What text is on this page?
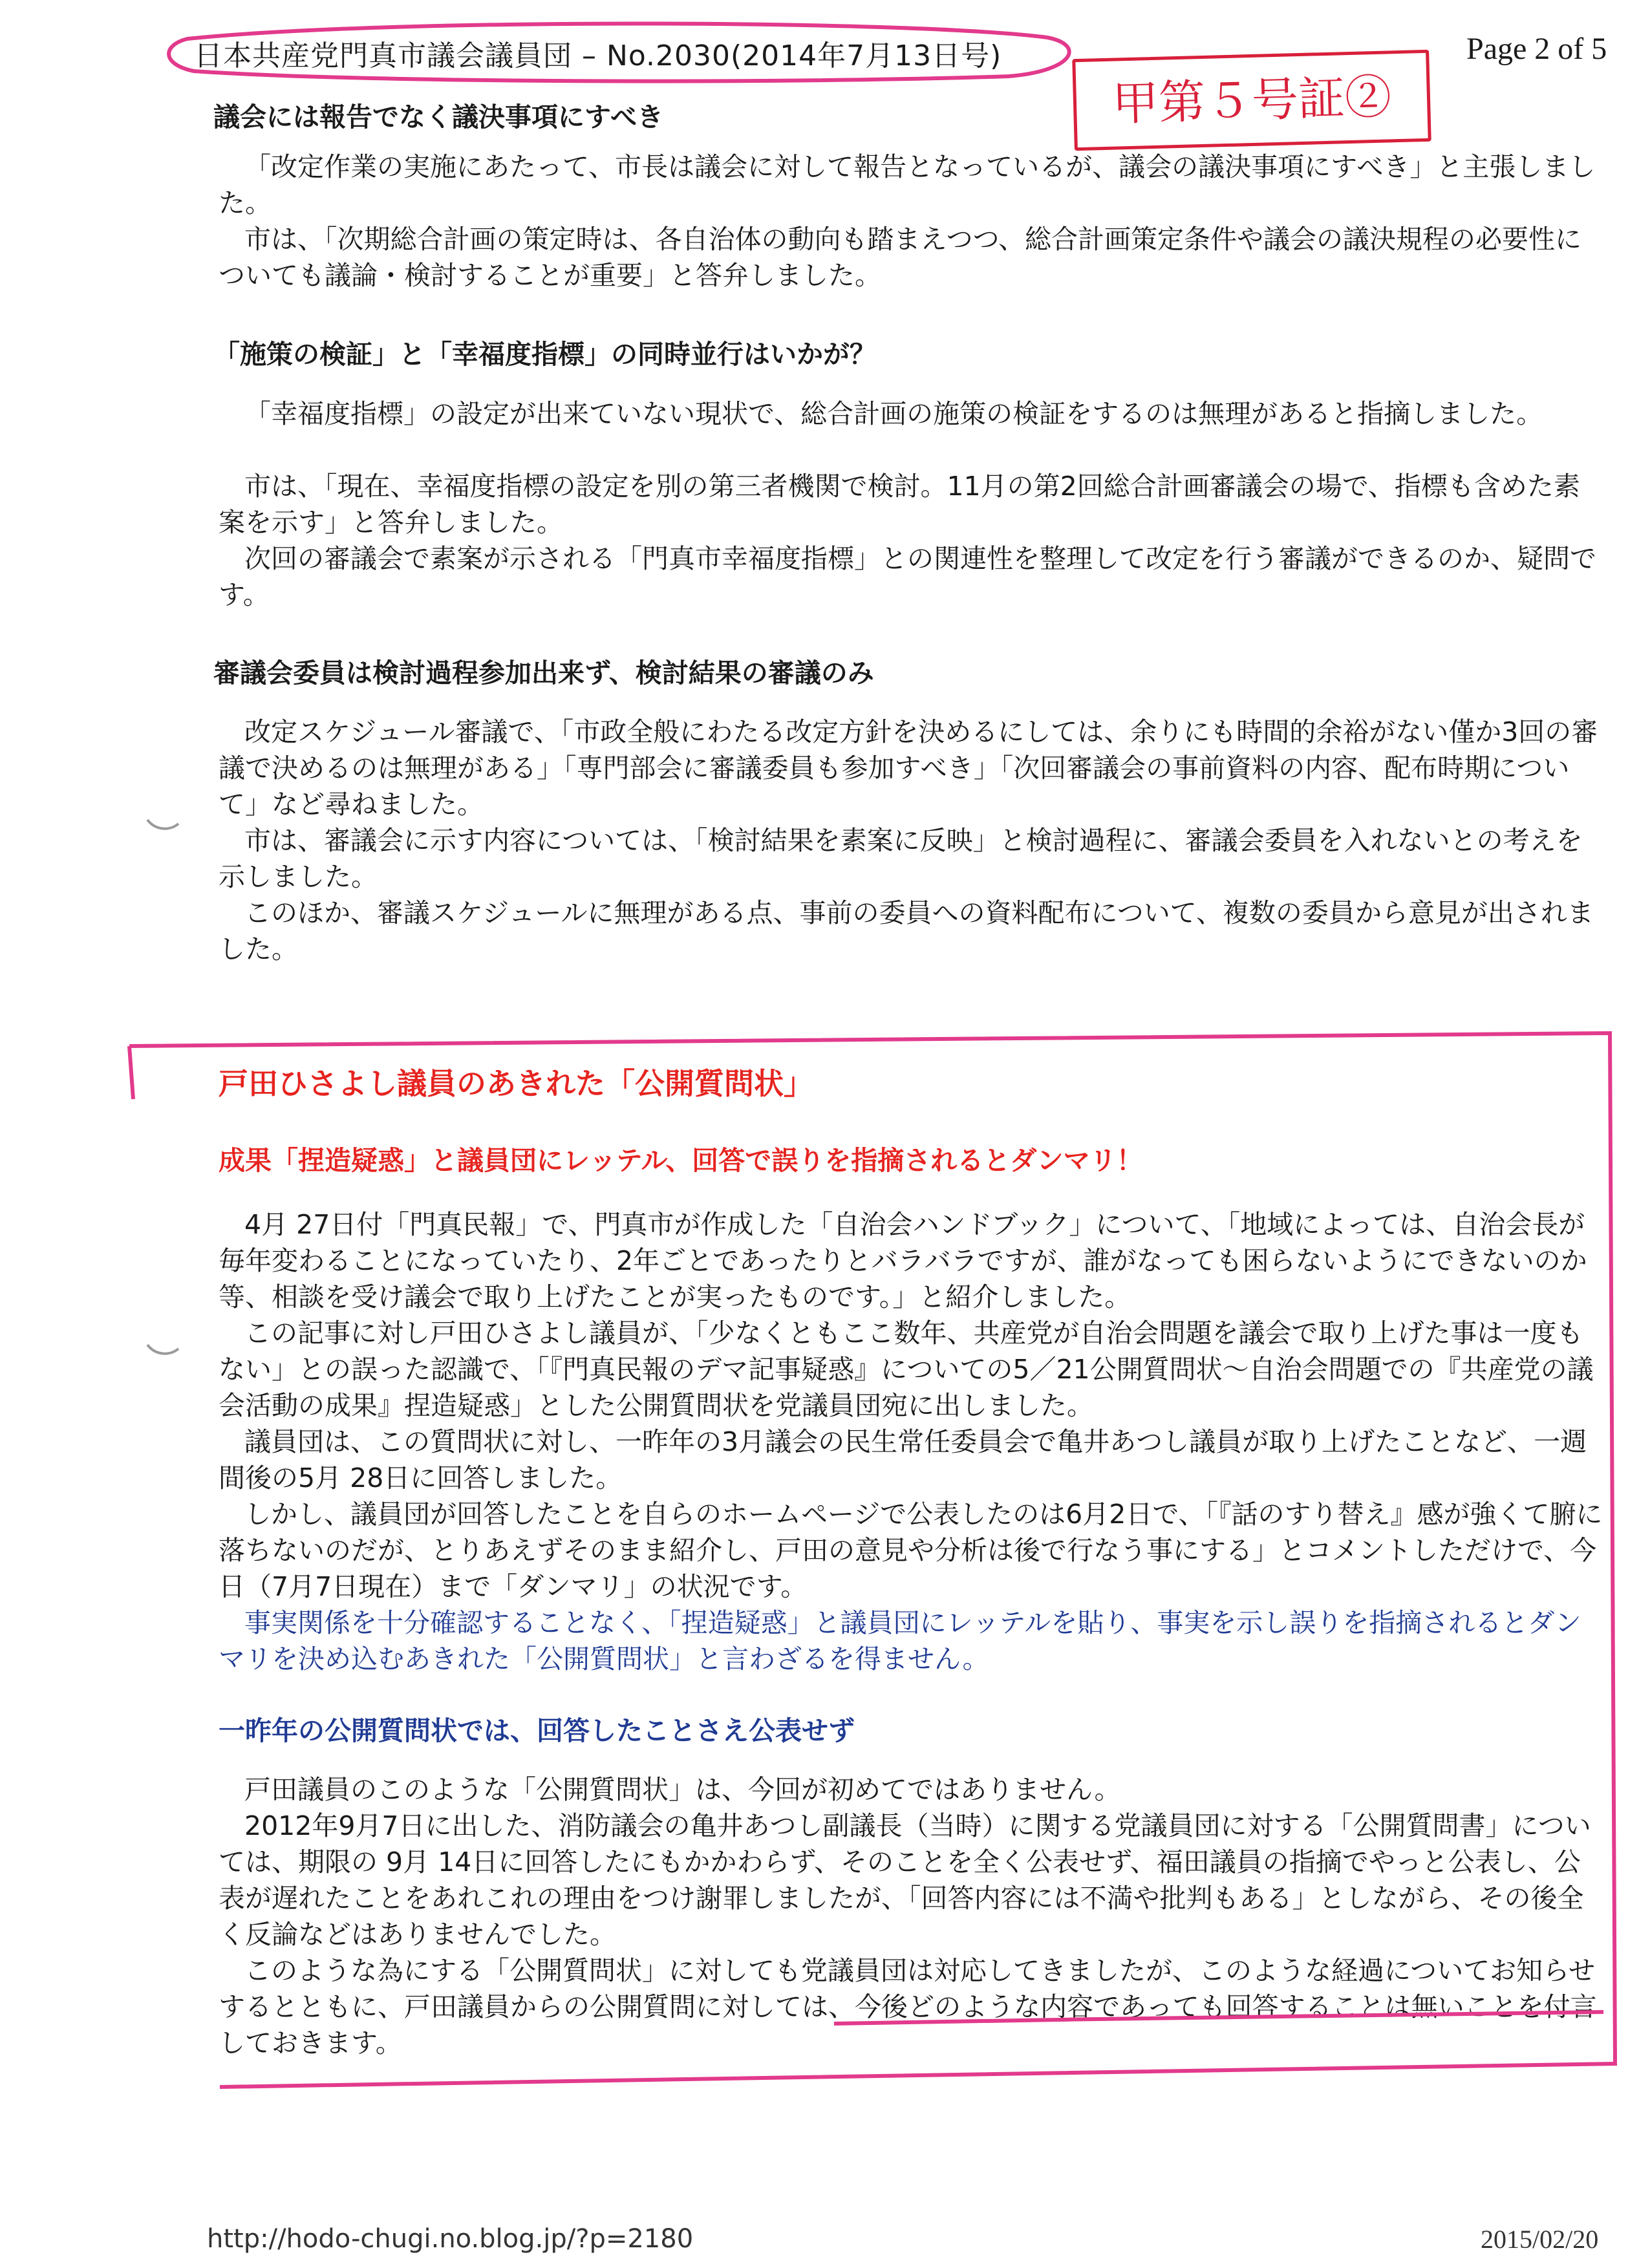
日本共産党門真市議会議員団 – No.2030(2014年7月13日号)	Page 2 of 5
甲第５号証②
議会には報告でなく議決事項にすべき
「改定作業の実施にあたって、市長は議会に対して報告となっているが、議会の議決事項にすべき」と主張しました。
市は、「次期総合計画の策定時は、各自治体の動向も踏まえつつ、総合計画策定条件や議会の議決規程の必要性についても議論・検討することが重要」と答弁しました。
「施策の検証」と「幸福度指標」の同時並行はいかが？
「幸福度指標」の設定が出来ていない現状で、総合計画の施策の検証をするのは無理があると指摘しました。
市は、「現在、幸福度指標の設定を別の第三者機関で検討。11月の第2回総合計画審議会の場で、指標も含めた素案を示す」と答弁しました。
次回の審議会で素案が示される「門真市幸福度指標」との関連性を整理して改定を行う審議ができるのか、疑問です。
審議会委員は検討過程参加出来ず、検討結果の審議のみ
改定スケジュール審議で、「市政全般にわたる改定方針を決めるにしては、余りにも時間的余裕がない僅か3回の審議で決めるのは無理がある」「専門部会に審議委員も参加すべき」「次回審議会の事前資料の内容、配布時期について」など尋ねました。
市は、審議会に示す内容については、「検討結果を素案に反映」と検討過程に、審議会委員を入れないとの考えを示しました。
このほか、審議スケジュールに無理がある点、事前の委員への資料配布について、複数の委員から意見が出されました。
戸田ひさよし議員のあきれた「公開質問状」
成果「捏造疑惑」と議員団にレッテル、回答で誤りを指摘されるとダンマリ！
4月 27日付「門真民報」で、門真市が作成した「自治会ハンドブック」について、「地域によっては、自治会長が毎年変わることになっていたり、2年ごとであったりとバラバラですが、誰がなっても困らないようにできないのか等、相談を受け議会で取り上げたことが実ったものです。」と紹介しました。
この記事に対し戸田ひさよし議員が、「少なくともここ数年、共産党が自治会問題を議会で取り上げた事は一度もない」との誤った認識で、「『門真民報のデマ記事疑惑』についての5／21公開質問状～自治会問題での『共産党の議会活動の成果』捏造疑惑」とした公開質問状を党議員団宛に出しました。
議員団は、この質問状に対し、一昨年の3月議会の民生常任委員会で亀井あつし議員が取り上げたことなど、一週間後の5月 28日に回答しました。
しかし、議員団が回答したことを自らのホームページで公表したのは6月2日で、「『話のすり替え』感が強くて腑に落ちないのだが、とりあえずそのまま紹介し、戸田の意見や分析は後で行なう事にする」とコメントしただけで、今日（7月7日現在）まで「ダンマリ」の状況です。
事実関係を十分確認することなく、「捏造疑惑」と議員団にレッテルを貼り、事実を示し誤りを指摘されるとダンマリを決め込むあきれた「公開質問状」と言わざるを得ません。
一昨年の公開質問状では、回答したことさえ公表せず
戸田議員のこのような「公開質問状」は、今回が初めてではありません。
2012年9月7日に出した、消防議会の亀井あつし副議長（当時）に関する党議員団に対する「公開質問書」については、期限の 9月 14日に回答したにもかかわらず、そのことを全く公表せず、福田議員の指摘でやっと公表し、公表が遅れたことをあれこれの理由をつけ謝罪しましたが、「回答内容には不満や批判もある」としながら、その後全く反論などはありませんでした。
このような為にする「公開質問状」に対しても党議員団は対応してきましたが、このような経過についてお知らせするとともに、戸田議員からの公開質問に対しては、今後どのような内容であっても回答することは無いことを付言しておきます。
http://hodo-chugi.no.blog.jp/?p=2180	2015/02/20
